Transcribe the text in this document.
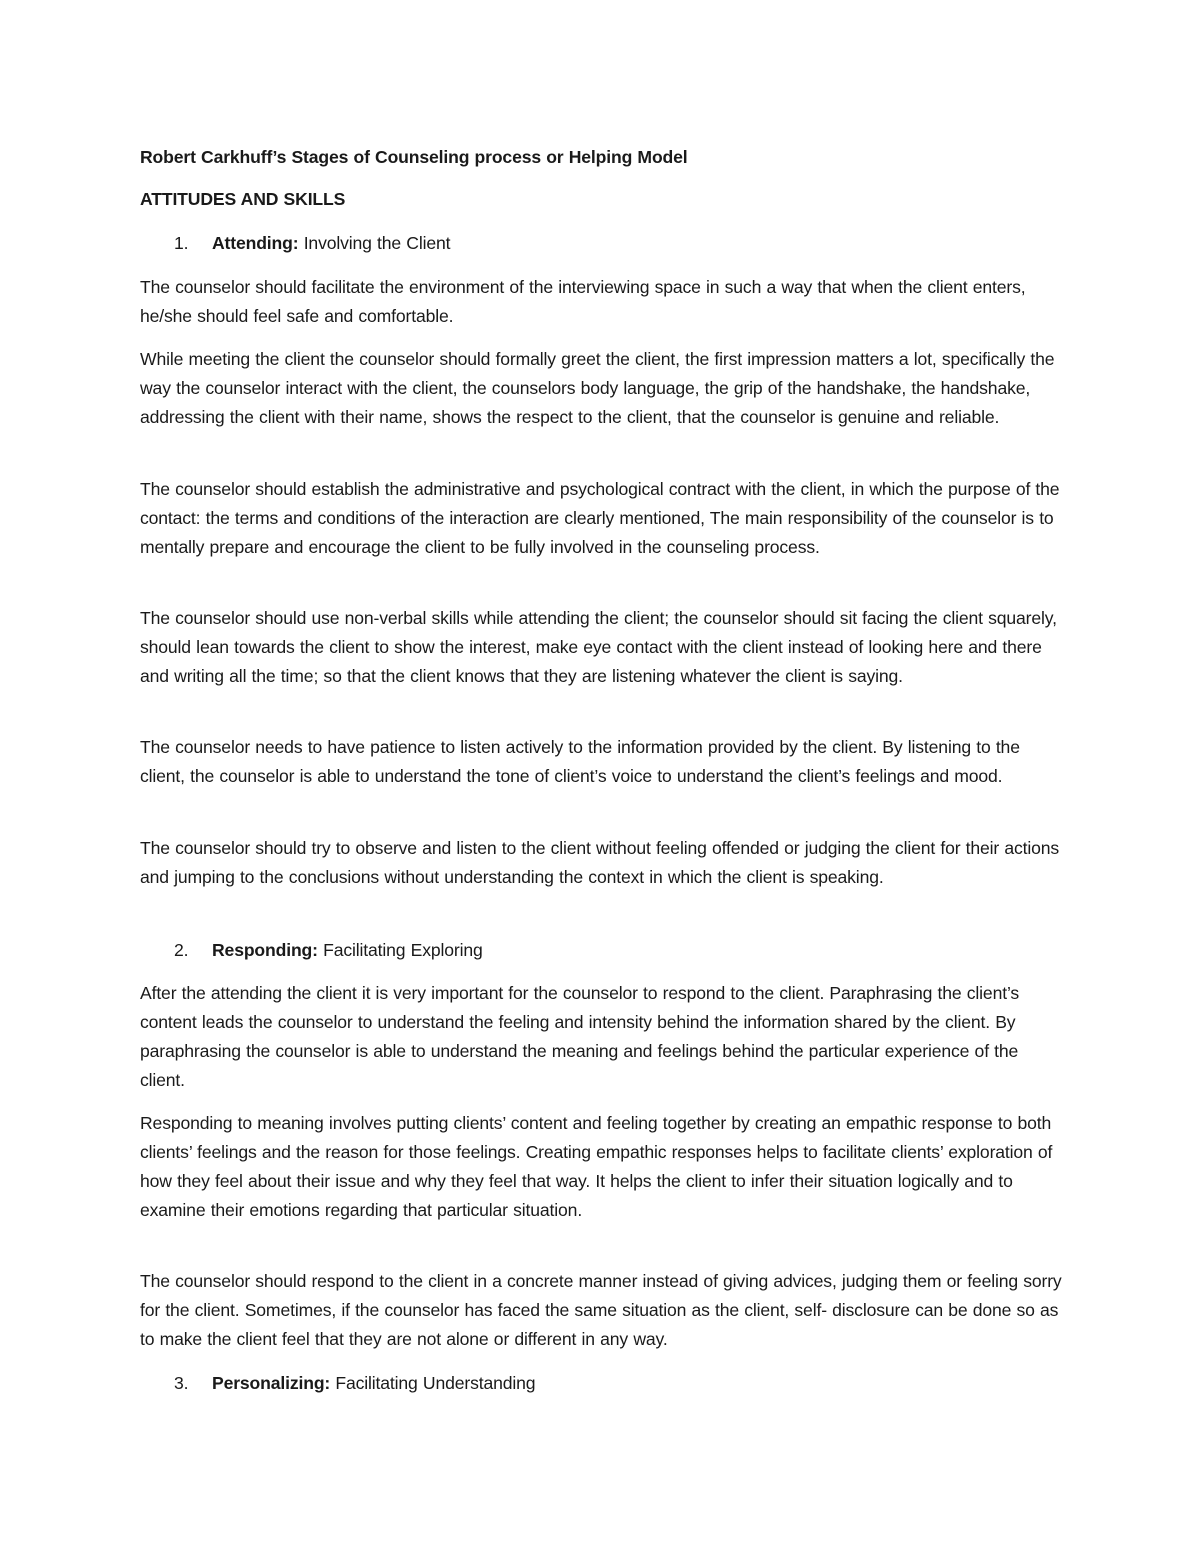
Robert Carkhuff’s Stages of Counseling process or Helping Model

ATTITUDES AND SKILLS

1. Attending: Involving the Client

The counselor should facilitate the environment of the interviewing space in such a way that when the client enters, he/she should feel safe and comfortable.

While meeting the client the counselor should formally greet the client, the first impression matters a lot, specifically the way the counselor interact with the client, the counselors body language, the grip of the handshake, the handshake, addressing the client with their name, shows the respect to the client, that the counselor is genuine and reliable.

The counselor should establish the administrative and psychological contract with the client, in which the purpose of the contact: the terms and conditions of the interaction are clearly mentioned, The main responsibility of the counselor is to mentally prepare and encourage the client to be fully involved in the counseling process.

The counselor should use non-verbal skills while attending the client; the counselor should sit facing the client squarely, should lean towards the client to show the interest, make eye contact with the client instead of looking here and there and writing all the time; so that the client knows that they are listening whatever the client is saying.

The counselor needs to have patience to listen actively to the information provided by the client. By listening to the client, the counselor is able to understand the tone of client’s voice to understand the client’s feelings and mood.

The counselor should try to observe and listen to the client without feeling offended or judging the client for their actions and jumping to the conclusions without understanding the context in which the client is speaking.

2. Responding: Facilitating Exploring

After the attending the client it is very important for the counselor to respond to the client. Paraphrasing the client’s content leads the counselor to understand the feeling and intensity behind the information shared by the client. By paraphrasing the counselor is able to understand the meaning and feelings behind the particular experience of the client.

Responding to meaning involves putting clients’ content and feeling together by creating an empathic response to both clients’ feelings and the reason for those feelings. Creating empathic responses helps to facilitate clients’ exploration of how they feel about their issue and why they feel that way. It helps the client to infer their situation logically and to examine their emotions regarding that particular situation.

The counselor should respond to the client in a concrete manner instead of giving advices, judging them or feeling sorry for the client. Sometimes, if the counselor has faced the same situation as the client, self- disclosure can be done so as to make the client feel that they are not alone or different in any way.

3. Personalizing: Facilitating Understanding
